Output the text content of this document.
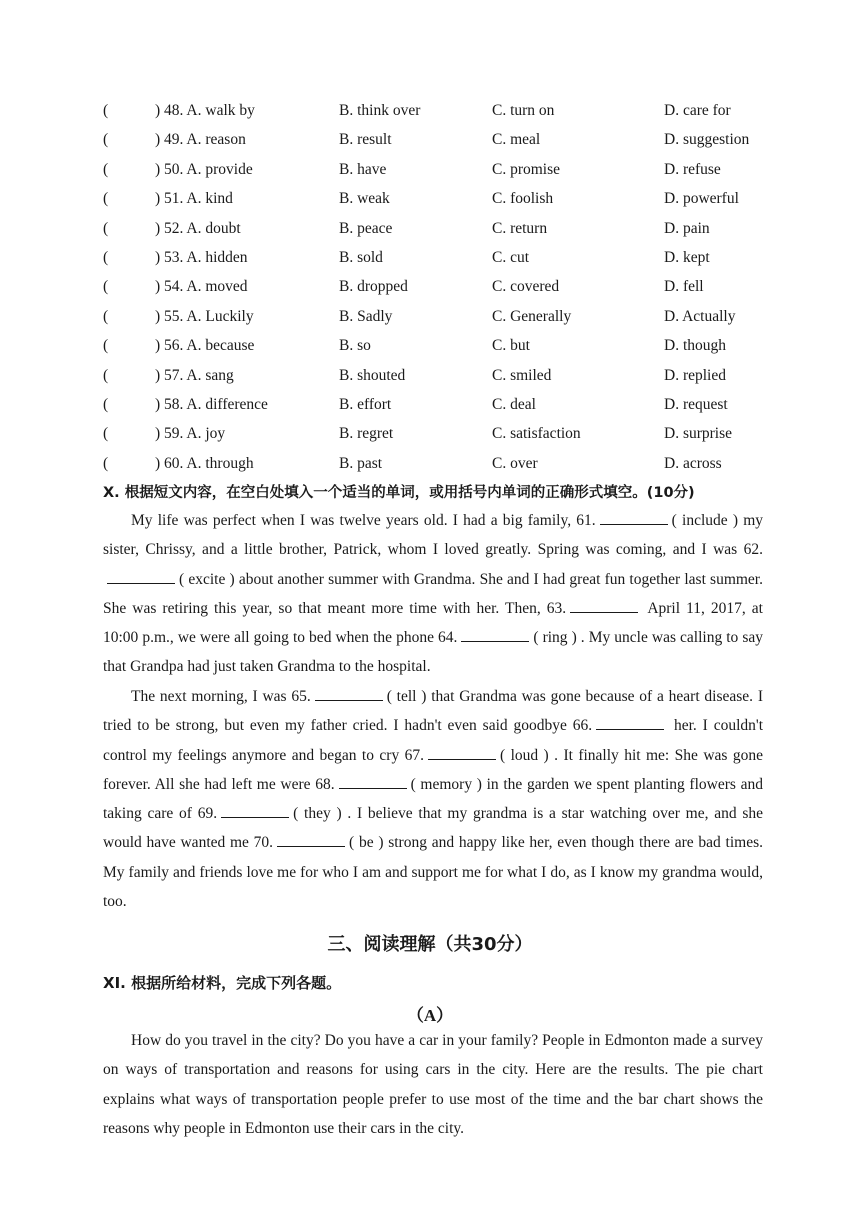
(	) 48. A. walk by	B. think over	C. turn on	D. care for
(	) 49. A. reason	B. result	C. meal	D. suggestion
(	) 50. A. provide	B. have	C. promise	D. refuse
(	) 51. A. kind	B. weak	C. foolish	D. powerful
(	) 52. A. doubt	B. peace	C. return	D. pain
(	) 53. A. hidden	B. sold	C. cut	D. kept
(	) 54. A. moved	B. dropped	C. covered	D. fell
(	) 55. A. Luckily	B. Sadly	C. Generally	D. Actually
(	) 56. A. because	B. so	C. but	D. though
(	) 57. A. sang	B. shouted	C. smiled	D. replied
(	) 58. A. difference	B. effort	C. deal	D. request
(	) 59. A. joy	B. regret	C. satisfaction	D. surprise
(	) 60. A. through	B. past	C. over	D. across
X. 根据短文内容，在空白处填入一个适当的单词，或用括号内单词的正确形式填空。(10分)
My life was perfect when I was twelve years old. I had a big family, 61.	( include ) my sister, Chrissy, and a little brother, Patrick, whom I loved greatly. Spring was coming, and I was 62.( excite ) about another summer with Grandma. She and I had great fun together last summer. She was retiring this year, so that meant more time with her. Then, 63.	April 11, 2017, at 10:00 p.m., we were all going to bed when the phone 64.	( ring ) . My uncle was calling to say that Grandpa had just taken Grandma to the hospital.
The next morning, I was 65.	( tell ) that Grandma was gone because of a heart disease. I tried to be strong, but even my father cried. I hadn't even said goodbye 66.	her. I couldn't control my feelings anymore and began to cry 67.	( loud ) . It finally hit me: She was gone forever. All she had left me were 68.	( memory ) in the garden we spent planting flowers and taking care of 69.	( they ) . I believe that my grandma is a star watching over me, and she would have wanted me 70.	( be ) strong and happy like her, even though there are bad times. My family and friends love me for who I am and support me for what I do, as I know my grandma would, too.
三、阅读理解（共30分）
XI. 根据所给材料，完成下列各题。
（A）
How do you travel in the city? Do you have a car in your family? People in Edmonton made a survey on ways of transportation and reasons for using cars in the city. Here are the results. The pie chart explains what ways of transportation people prefer to use most of the time and the bar chart shows the reasons why people in Edmonton use their cars in the city.
